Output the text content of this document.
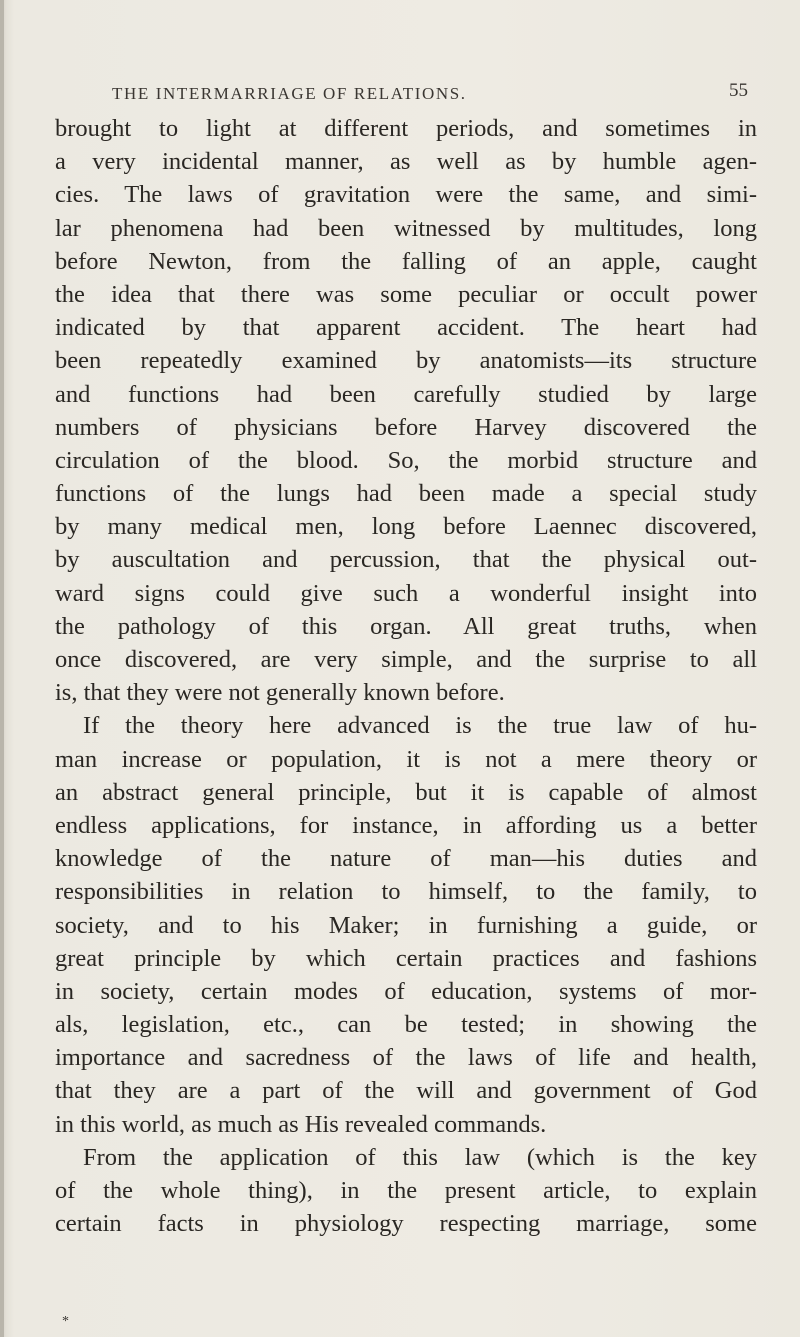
THE INTERMARRIAGE OF RELATIONS.	55
brought to light at different periods, and sometimes in
a very incidental manner, as well as by humble agen-
cies. The laws of gravitation were the same, and simi-
lar phenomena had been witnessed by multitudes, long
before Newton, from the falling of an apple, caught
the idea that there was some peculiar or occult power
indicated by that apparent accident. The heart had
been repeatedly examined by anatomists—its structure
and functions had been carefully studied by large
numbers of physicians before Harvey discovered the
circulation of the blood. So, the morbid structure and
functions of the lungs had been made a special study
by many medical men, long before Laennec discovered,
by auscultation and percussion, that the physical out-
ward signs could give such a wonderful insight into
the pathology of this organ. All great truths, when
once discovered, are very simple, and the surprise to all
is, that they were not generally known before.
If the theory here advanced is the true law of hu-
man increase or population, it is not a mere theory or
an abstract general principle, but it is capable of almost
endless applications, for instance, in affording us a better
knowledge of the nature of man—his duties and
responsibilities in relation to himself, to the family, to
society, and to his Maker; in furnishing a guide, or
great principle by which certain practices and fashions
in society, certain modes of education, systems of mor-
als, legislation, etc., can be tested; in showing the
importance and sacredness of the laws of life and health,
that they are a part of the will and government of God
in this world, as much as His revealed commands.
From the application of this law (which is the key
of the whole thing), in the present article, to explain
certain facts in physiology respecting marriage, some
*
